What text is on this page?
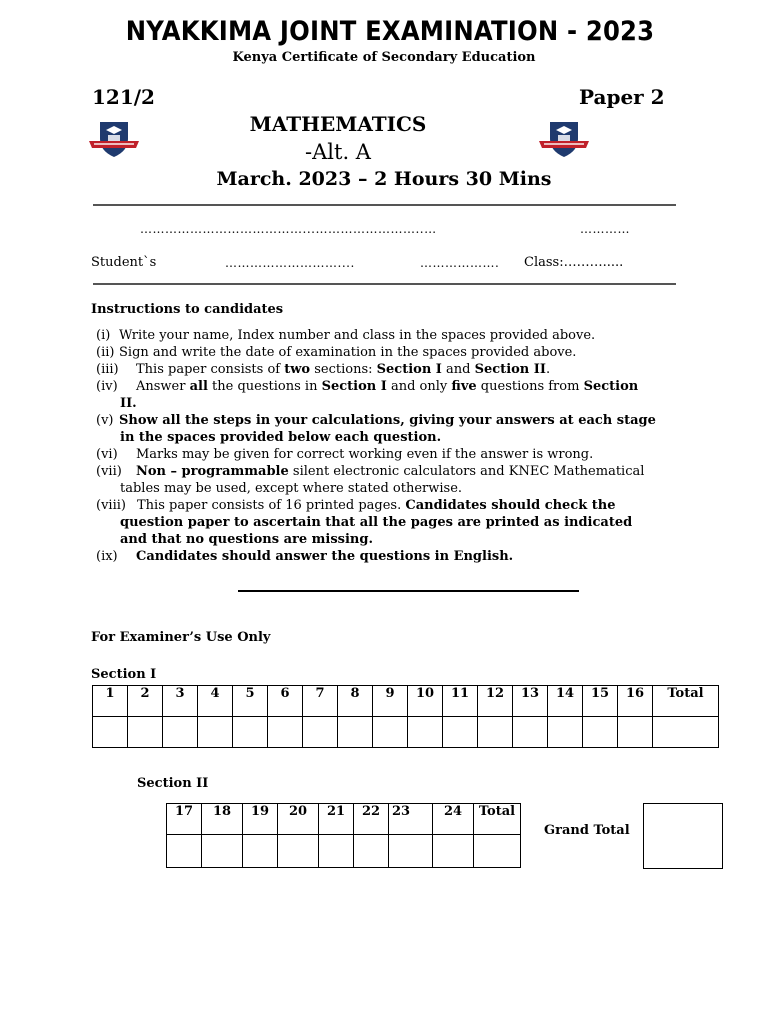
NYAKKIMA JOINT EXAMINATION - 2023
Kenya Certificate of Secondary Education
121/2	Paper 2
MATHEMATICS
-Alt. A
March. 2023 – 2 Hours 30 Mins
…………………………………...……………………..…	…………
Student`s	………………………....	………………. Class:……….....
Instructions to candidates
(i) Write your name, Index number and class in the spaces provided above.
(ii) Sign and write the date of examination in the spaces provided above.
(iii)	This paper consists of two sections: Section I and Section II.
(iv)	Answer all the questions in Section I and only five questions from Section
II.
(v) Show all the steps in your calculations, giving your answers at each stage
in the spaces provided below each question.
(vi)	Marks may be given for correct working even if the answer is wrong.
(vii)	Non – programmable silent electronic calculators and KNEC Mathematical
tables may be used, except where stated otherwise.
(viii) This paper consists of 16 printed pages. Candidates should check the
question paper to ascertain that all the pages are printed as indicated
and that no questions are missing.
(ix)	Candidates should answer the questions in English.
For Examiner’s Use Only
Section I
1	2	3	4	5	6	7	8	9	10	11	12	13	14	15	16	Total

Section II
17	18	19	20	21	22	23	24	Total

Grand Total
